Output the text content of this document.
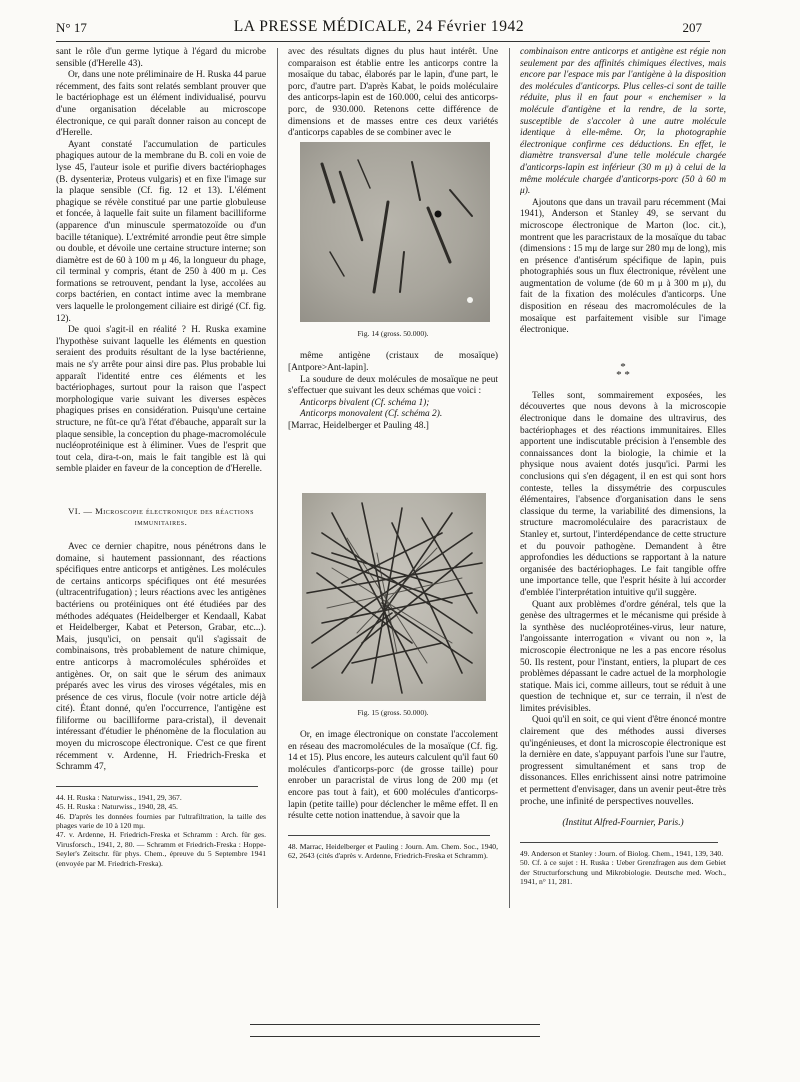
N° 17	LA PRESSE MÉDICALE, 24 Février 1942	207

sant le rôle d'un germe lytique à l'égard du microbe sensible (d'Herelle 43).

Or, dans une note préliminaire de H. Ruska 44 parue récemment, des faits sont relatés semblant prouver que le bactériophage est un élément individualisé, pourvu d'une organisation décelable au microscope électronique, ce qui paraît donner raison au concept de d'Herelle.

Ayant constaté l'accumulation de particules phagiques autour de la membrane du B. coli en voie de lyse 45, l'auteur isole et purifie divers bactériophages (B. dysenteriæ, Proteus vulgaris) et en fixe l'image sur la plaque sensible (Cf. fig. 12 et 13). L'élément phagique se révèle constitué par une partie globuleuse et foncée, à laquelle fait suite un filament bacilliforme (apparence d'un minuscule spermatozoïde ou d'un bacille tétanique). L'extrémité arrondie peut être simple ou double, et dévoile une certaine structure interne; son diamètre est de 60 à 100 m μ 46, la longueur du phage, cil terminal y compris, étant de 250 à 400 m μ. Ces formations se retrouvent, pendant la lyse, accolées au corps bactérien, en contact intime avec la membrane vers laquelle le prolongement ciliaire est dirigé (Cf. fig. 12).

De quoi s'agit-il en réalité ? H. Ruska examine l'hypothèse suivant laquelle les éléments en question seraient des produits résultant de la lyse bactérienne, mais ne s'y arrête pour ainsi dire pas. Plus probable lui apparaît l'identité entre ces éléments et les bactériophages, surtout pour la raison que l'aspect morphologique varie suivant les diverses espèces phagiques prises en considération. Puisqu'une certaine structure, ne fût-ce qu'à l'état d'ébauche, apparaît sur la plaque sensible, la conception du phage-macromolécule nucléoprotéinique est à éliminer. Vues de l'esprit que tout cela, dira-t-on, mais le fait tangible est là qui semble plaider en faveur de la conception de d'Herelle.

VI. — Microscopie électronique des réactions immunitaires.

Avec ce dernier chapitre, nous pénétrons dans le domaine, si hautement passionnant, des réactions spécifiques entre anticorps et antigènes. Les molécules de certains anticorps spécifiques ont été mesurées (ultracentrifugation) ; leurs réactions avec les antigènes bactériens ou protéiniques ont été étudiées par des méthodes adéquates (Heidelberger et Kendaall, Kabat et Heidelberger, Kabat et Peterson, Grabar, etc...). Mais, jusqu'ici, on pensait qu'il s'agissait de combinaisons, très probablement de nature chimique, entre anticorps à macromolécules sphéroïdes et antigènes. Or, on sait que le sérum des animaux préparés avec les virus des viroses végétales, mis en présence de ces virus, flocule (voir notre article déjà cité). Étant donné, qu'en l'occurrence, l'antigène est filiforme ou bacilliforme para-cristal), il devenait intéressant d'étudier le phénomène de la floculation au moyen du microscope électronique. C'est ce que firent récemment v. Ardenne, H. Friedrich-Freska et Schramm 47,

44. H. Ruska : Naturwiss., 1941, 29, 367.
45. H. Ruska : Naturwiss., 1940, 28, 45.
46. D'après les données fournies par l'ultrafiltration, la taille des phages varie de 10 à 120 mμ.
47. v. Ardenne, H. Friedrich-Freska et Schramm : Arch. für ges. Virusforsch., 1941, 2, 80. — Schramm et Friedrich-Freska : Hoppe-Seyler's Zeitschr. für phys. Chem., épreuve du 5 Septembre 1941 (envoyée par M. Friedrich-Freska).

avec des résultats dignes du plus haut intérêt. Une comparaison est établie entre les anticorps contre la mosaïque du tabac, élaborés par le lapin, d'une part, le porc, d'autre part. D'après Kabat, le poids moléculaire des anticorps-lapin est de 160.000, celui des anticorps-porc, de 930.000. Retenons cette différence de dimensions et de masses entre ces deux variétés d'anticorps capables de se combiner avec le

Fig. 14 (gross. 50.000).

même antigène (cristaux de mosaïque) [Antpore>Ant-lapin].

La soudure de deux molécules de mosaïque ne peut s'effectuer que suivant les deux schémas que voici :

Anticorps bivalent (Cf. schéma 1);

Anticorps monovalent (Cf. schéma 2).

[Marrac, Heidelberger et Pauling 48.]

Fig. 15 (gross. 50.000).

Or, en image électronique on constate l'accolement en réseau des macromolécules de la mosaïque (Cf. fig. 14 et 15). Plus encore, les auteurs calculent qu'il faut 60 molécules d'anticorps-porc (de grosse taille) pour enrober un paracristal de virus long de 200 mμ (et encore pas tout à fait), et 600 molécules d'anticorps-lapin (petite taille) pour déclencher le même effet. Il en résulte cette notion inattendue, à savoir que la

48. Marrac, Heidelberger et Pauling : Journ. Am. Chem. Soc., 1940, 62, 2643 (cités d'après v. Ardenne, Friedrich-Freska et Schramm).

combinaison entre anticorps et antigène est régie non seulement par des affinités chimiques électives, mais encore par l'espace mis par l'antigène à la disposition des molécules d'anticorps. Plus celles-ci sont de taille réduite, plus il en faut pour « enchemiser » la molécule d'antigène et la rendre, de la sorte, susceptible de s'accoler à une autre molécule identique à elle-même. Or, la photographie électronique confirme ces déductions. En effet, le diamètre transversal d'une telle molécule chargée d'anticorps-lapin est inférieur (30 m μ) à celui de la même molécule chargée d'anticorps-porc (50 à 60 m μ).

Ajoutons que dans un travail paru récemment (Mai 1941), Anderson et Stanley 49, se servant du microscope électronique de Marton (loc. cit.), montrent que les paracristaux de la mosaïque du tabac (dimensions : 15 mμ de large sur 280 mμ de long), mis en présence d'antisérum spécifique de lapin, puis photographiés sous un flux électronique, révèlent une augmentation de volume (de 60 m μ à 300 m μ), du fait de la fixation des molécules d'anticorps. Une disposition en réseau des macromolécules de la mosaïque est parfaitement visible sur l'image électronique.

*
* *

Telles sont, sommairement exposées, les découvertes que nous devons à la microscopie électronique dans le domaine des ultravirus, des bactériophages et des réactions immunitaires. Elles apportent une indiscutable précision à l'ensemble des connaissances dont la biologie, la chimie et la physique nous avaient dotés jusqu'ici. Parmi les conclusions qui s'en dégagent, il en est qui sont hors conteste, telles la dissymétrie des corpuscules élémentaires, l'absence d'organisation dans le sens classique du terme, la variabilité des dimensions, la structure macromoléculaire des paracristaux de Stanley et, surtout, l'interdépendance de cette structure et du pouvoir pathogène. Demandent à être approfondies les déductions se rapportant à la nature organisée des bactériophages. Le fait tangible offre une importance telle, que l'esprit hésite à lui accorder d'emblée l'interprétation intuitive qu'il suggère.

Quant aux problèmes d'ordre général, tels que la genèse des ultragermes et le mécanisme qui préside à la synthèse des nucléoprotéines-virus, leur nature, l'angoissante interrogation « vivant ou non », la microscopie électronique ne les a pas encore résolus 50. Ils restent, pour l'instant, entiers, la plupart de ces problèmes dépassant le cadre actuel de la morphologie statique. Mais ici, comme ailleurs, tout se réduit à une question de technique et, sur ce terrain, il n'est de limites prévisibles.

Quoi qu'il en soit, ce qui vient d'être énoncé montre clairement que des méthodes aussi diverses qu'ingénieuses, et dont la microscopie électronique est la dernière en date, s'appuyant parfois l'une sur l'autre, progressent simultanément et sans trop de dissonances. Elles enrichissent ainsi notre patrimoine et permettent d'envisager, dans un avenir peut-être très proche, une infinité de perspectives nouvelles.

(Institut Alfred-Fournier, Paris.)
49. Anderson et Stanley : Journ. of Biolog. Chem., 1941, 139, 340.
50. Cf. à ce sujet : H. Ruska : Ueber Grenzfragen aus dem Gebiet der Structurforschung und Mikrobiologie. Deutsche med. Woch., 1941, n° 11, 281.
